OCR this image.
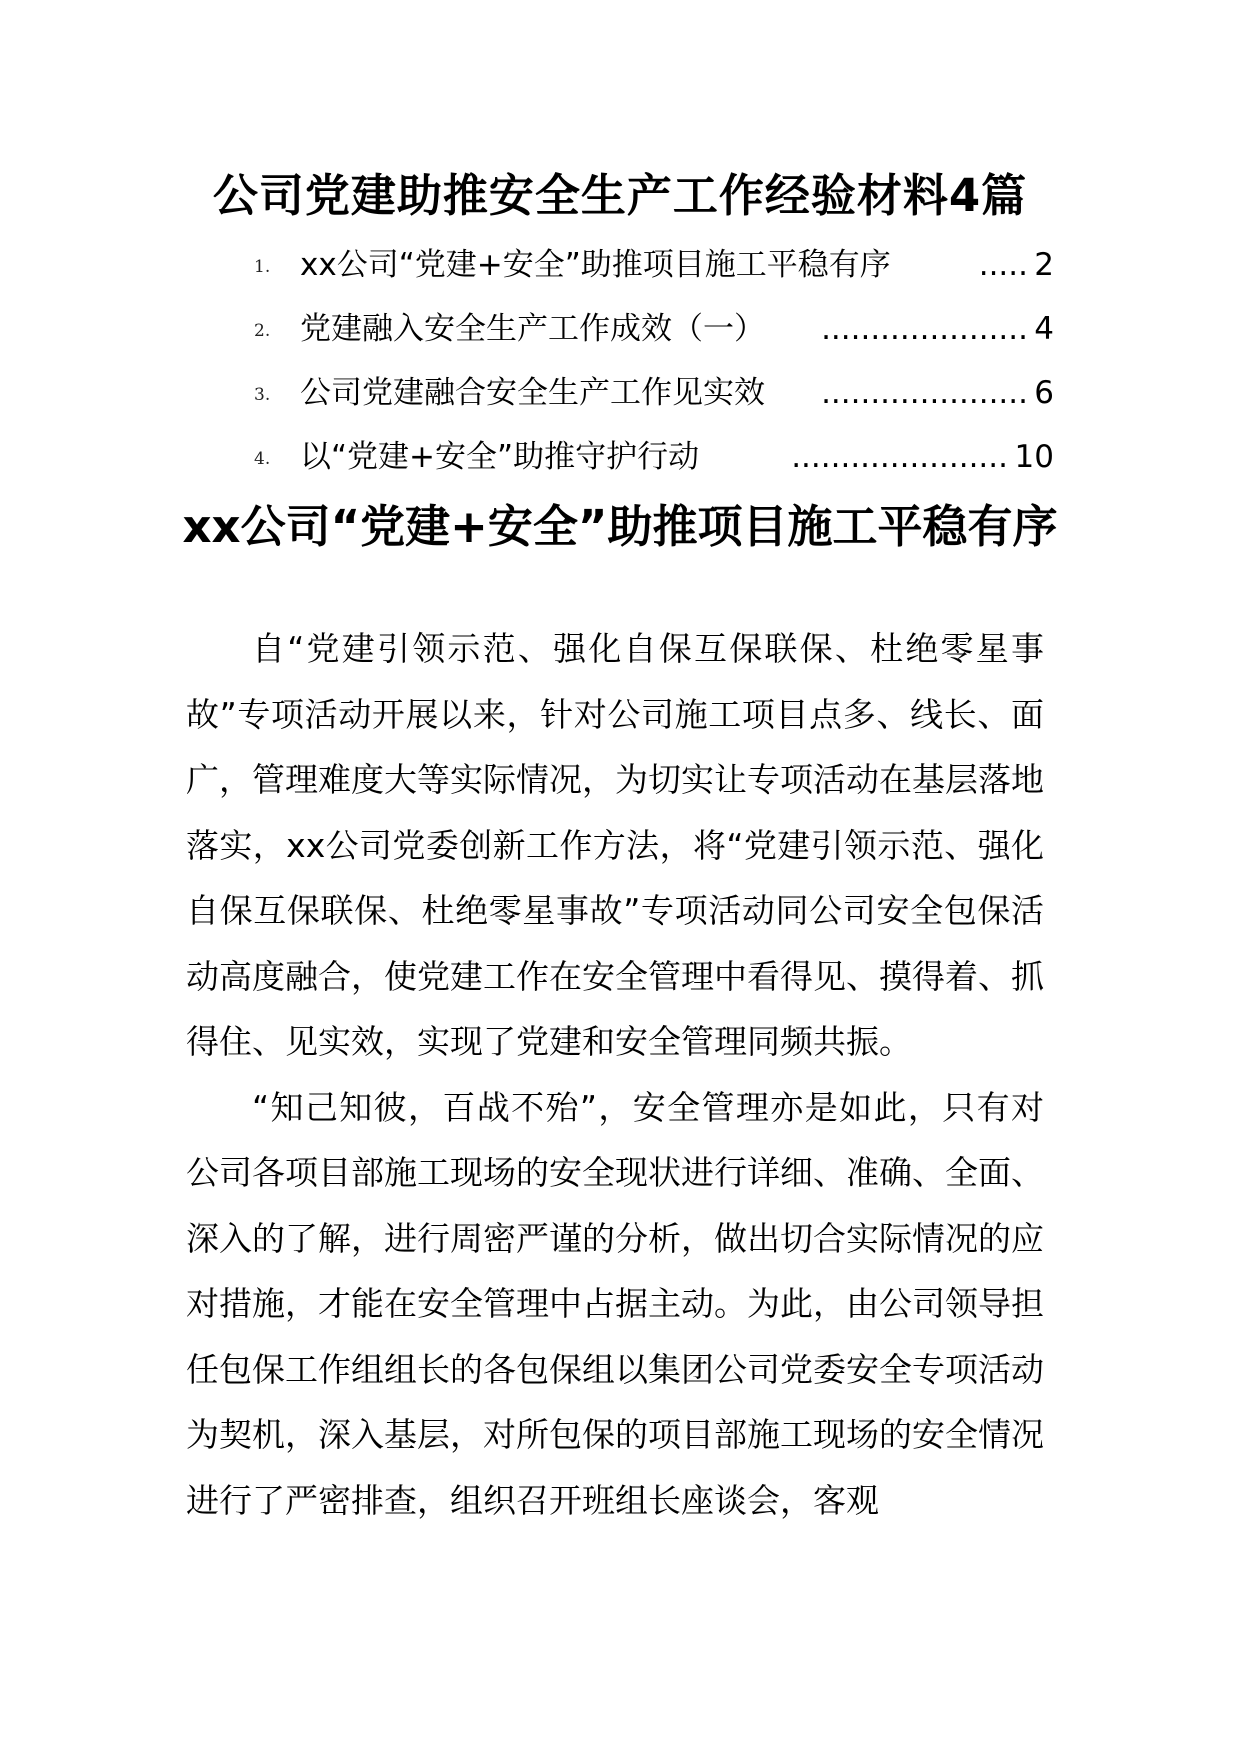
公司党建助推安全生产工作经验材料4篇
1. xx公司“党建+安全”助推项目施工平稳有序	..... 2
2. 党建融入安全生产工作成效（一）	..................... 4
3. 公司党建融合安全生产工作见实效	..................... 6
4. 以“党建+安全”助推守护行动	...................... 10
xx公司“党建+安全”助推项目施工平稳有序

自“党建引领示范、强化自保互保联保、杜绝零星事故”专项活动开展以来，针对公司施工项目点多、线长、面广，管理难度大等实际情况，为切实让专项活动在基层落地落实，xx公司党委创新工作方法，将“党建引领示范、强化自保互保联保、杜绝零星事故”专项活动同公司安全包保活动高度融合，使党建工作在安全管理中看得见、摸得着、抓得住、见实效，实现了党建和安全管理同频共振。

“知己知彼，百战不殆”，安全管理亦是如此，只有对公司各项目部施工现场的安全现状进行详细、准确、全面、深入的了解，进行周密严谨的分析，做出切合实际情况的应对措施，才能在安全管理中占据主动。为此，由公司领导担任包保工作组组长的各包保组以集团公司党委安全专项活动为契机，深入基层，对所包保的项目部施工现场的安全情况进行了严密排查，组织召开班组长座谈会，客观
